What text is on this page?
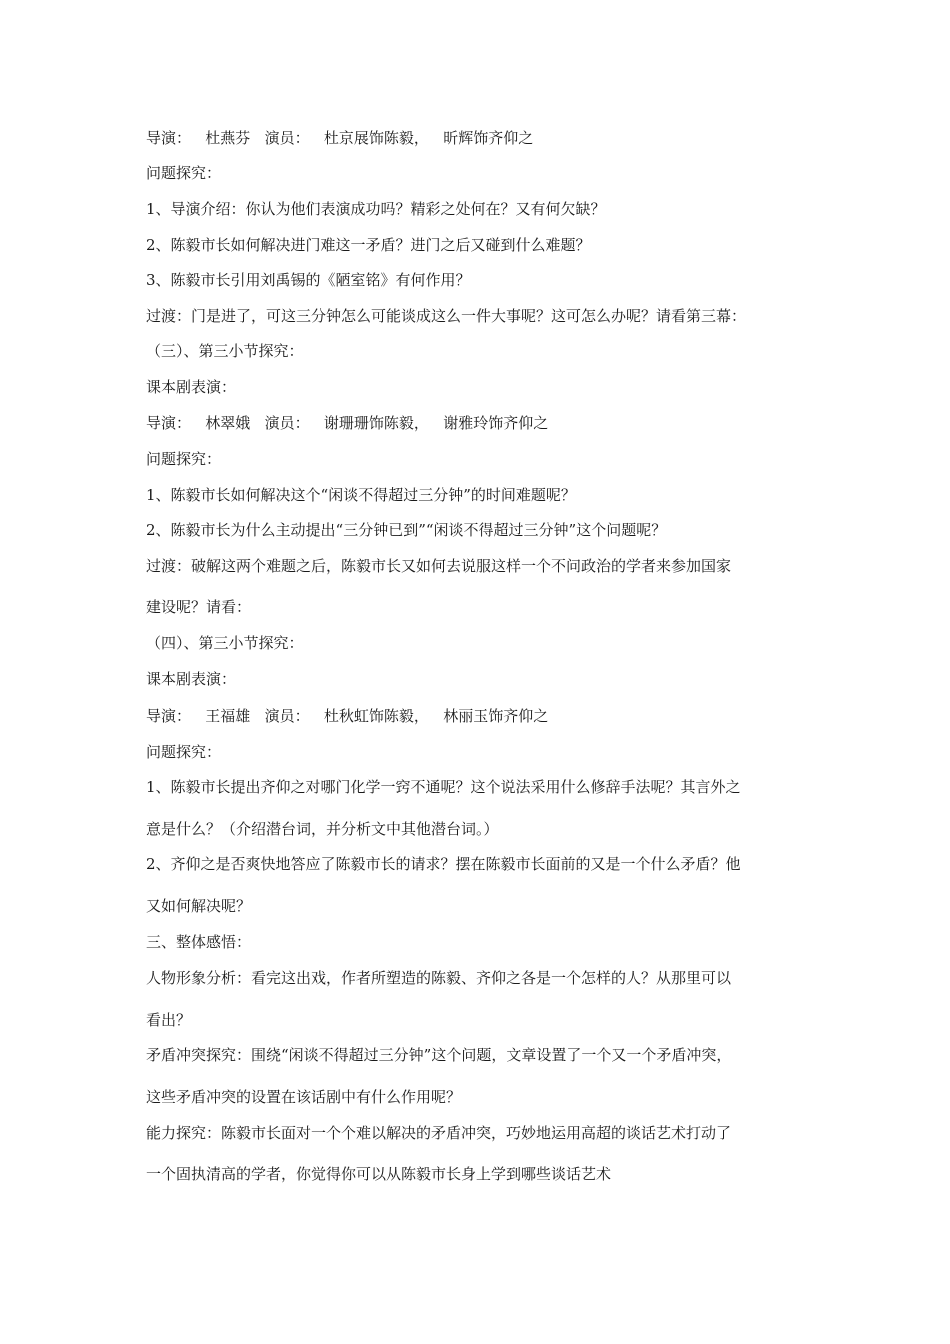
导演：   杜燕芬   演员：   杜京展饰陈毅，   昕辉饰齐仰之
问题探究：
1、导演介绍：你认为他们表演成功吗？精彩之处何在？又有何欠缺？
2、陈毅市长如何解决进门难这一矛盾？进门之后又碰到什么难题？
3、陈毅市长引用刘禹锡的《陋室铭》有何作用？
过渡：门是进了，可这三分钟怎么可能谈成这么一件大事呢？这可怎么办呢？请看第三幕：
（三）、第三小节探究：
课本剧表演：
导演：   林翠娥   演员：   谢珊珊饰陈毅，   谢雅玲饰齐仰之
问题探究：
1、陈毅市长如何解决这个“闲谈不得超过三分钟”的时间难题呢？
2、陈毅市长为什么主动提出“三分钟已到”“闲谈不得超过三分钟”这个问题呢？
过渡：破解这两个难题之后，陈毅市长又如何去说服这样一个不问政治的学者来参加国家
建设呢？请看：
（四）、第三小节探究：
课本剧表演：
导演：   王福雄   演员：   杜秋虹饰陈毅，   林丽玉饰齐仰之
问题探究：
1、陈毅市长提出齐仰之对哪门化学一窍不通呢？这个说法采用什么修辞手法呢？其言外之
意是什么？（介绍潜台词，并分析文中其他潜台词。）
2、齐仰之是否爽快地答应了陈毅市长的请求？摆在陈毅市长面前的又是一个什么矛盾？他
又如何解决呢？
三、整体感悟：
人物形象分析：看完这出戏，作者所塑造的陈毅、齐仰之各是一个怎样的人？从那里可以
看出？
矛盾冲突探究：围绕“闲谈不得超过三分钟”这个问题，文章设置了一个又一个矛盾冲突，
这些矛盾冲突的设置在该话剧中有什么作用呢？
能力探究：陈毅市长面对一个个难以解决的矛盾冲突，巧妙地运用高超的谈话艺术打动了
一个固执清高的学者，你觉得你可以从陈毅市长身上学到哪些谈话艺术
